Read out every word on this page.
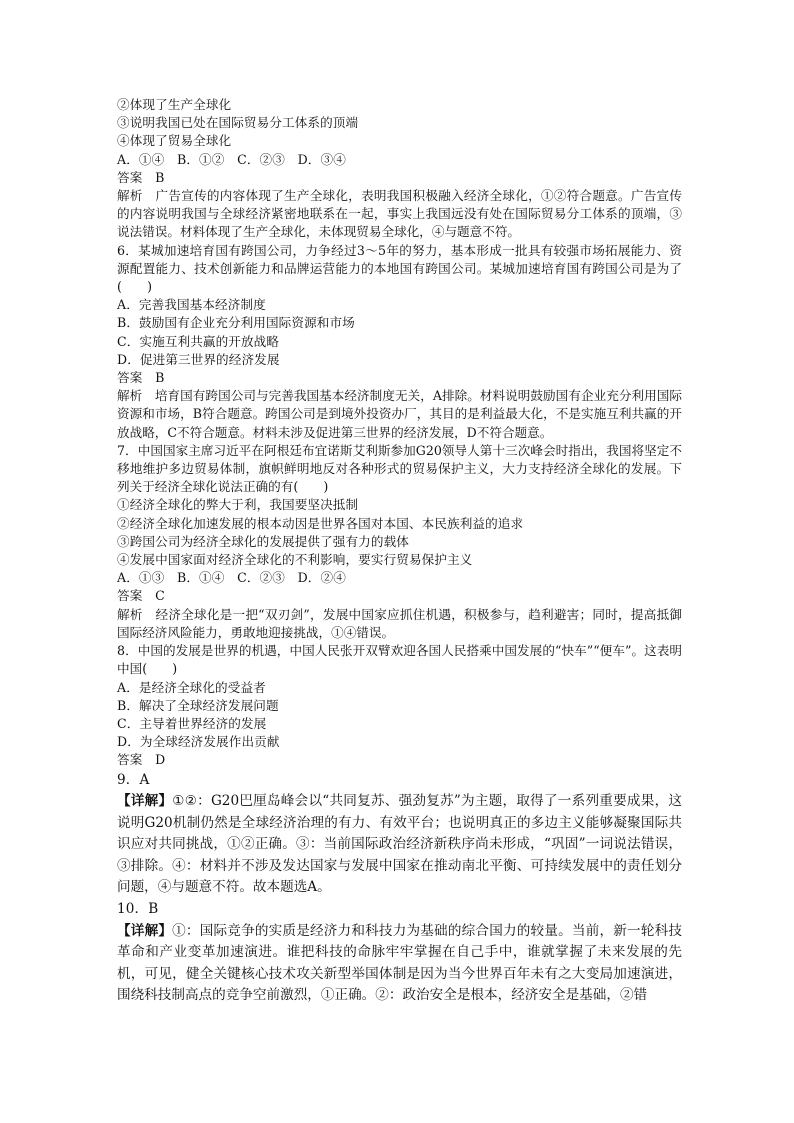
②体现了生产全球化
③说明我国已处在国际贸易分工体系的顶端
④体现了贸易全球化
A．①④　B．①②　C．②③　D．③④
答案　B
解析　广告宣传的内容体现了生产全球化，表明我国积极融入经济全球化，①②符合题意。广告宣传的内容说明我国与全球经济紧密地联系在一起，事实上我国远没有处在国际贸易分工体系的顶端，③说法错误。材料体现了生产全球化，未体现贸易全球化，④与题意不符。
6．某城加速培育国有跨国公司，力争经过3～5年的努力，基本形成一批具有较强市场拓展能力、资源配置能力、技术创新能力和品牌运营能力的本地国有跨国公司。某城加速培育国有跨国公司是为了(　　)
A．完善我国基本经济制度
B．鼓励国有企业充分利用国际资源和市场
C．实施互利共赢的开放战略
D．促进第三世界的经济发展
答案　B
解析　培育国有跨国公司与完善我国基本经济制度无关，A排除。材料说明鼓励国有企业充分利用国际资源和市场，B符合题意。跨国公司是到境外投资办厂，其目的是利益最大化，不是实施互利共赢的开放战略，C不符合题意。材料未涉及促进第三世界的经济发展，D不符合题意。
7．中国国家主席习近平在阿根廷布宜诺斯艾利斯参加G20领导人第十三次峰会时指出，我国将坚定不移地维护多边贸易体制，旗帜鲜明地反对各种形式的贸易保护主义，大力支持经济全球化的发展。下列关于经济全球化说法正确的有(　　)
①经济全球化的弊大于利，我国要坚决抵制
②经济全球化加速发展的根本动因是世界各国对本国、本民族利益的追求
③跨国公司为经济全球化的发展提供了强有力的载体
④发展中国家面对经济全球化的不利影响，要实行贸易保护主义
A．①③　B．①④　C．②③　D．②④
答案　C
解析　经济全球化是一把“双刃剑”，发展中国家应抓住机遇，积极参与，趋利避害；同时，提高抵御国际经济风险能力，勇敢地迎接挑战，①④错误。
8．中国的发展是世界的机遇，中国人民张开双臂欢迎各国人民搭乘中国发展的“快车”“便车”。这表明中国(　　)
A．是经济全球化的受益者
B．解决了全球经济发展问题
C．主导着世界经济的发展
D．为全球经济发展作出贡献
答案　D
9．A
【详解】①②：G20巴厘岛峰会以“共同复苏、强劲复苏”为主题，取得了一系列重要成果，这说明G20机制仍然是全球经济治理的有力、有效平台；也说明真正的多边主义能够凝聚国际共识应对共同挑战，①②正确。③：当前国际政治经济新秩序尚未形成，“巩固”一词说法错误，③排除。④：材料并不涉及发达国家与发展中国家在推动南北平衡、可持续发展中的责任划分问题，④与题意不符。故本题选A。
10．B
【详解】①：国际竞争的实质是经济力和科技力为基础的综合国力的较量。当前，新一轮科技革命和产业变革加速演进。谁把科技的命脉牢牢掌握在自己手中，谁就掌握了未来发展的先机，可见，健全关键核心技术攻关新型举国体制是因为当今世界百年未有之大变局加速演进，围绕科技制高点的竞争空前激烈，①正确。②：政治安全是根本，经济安全是基础，②错
